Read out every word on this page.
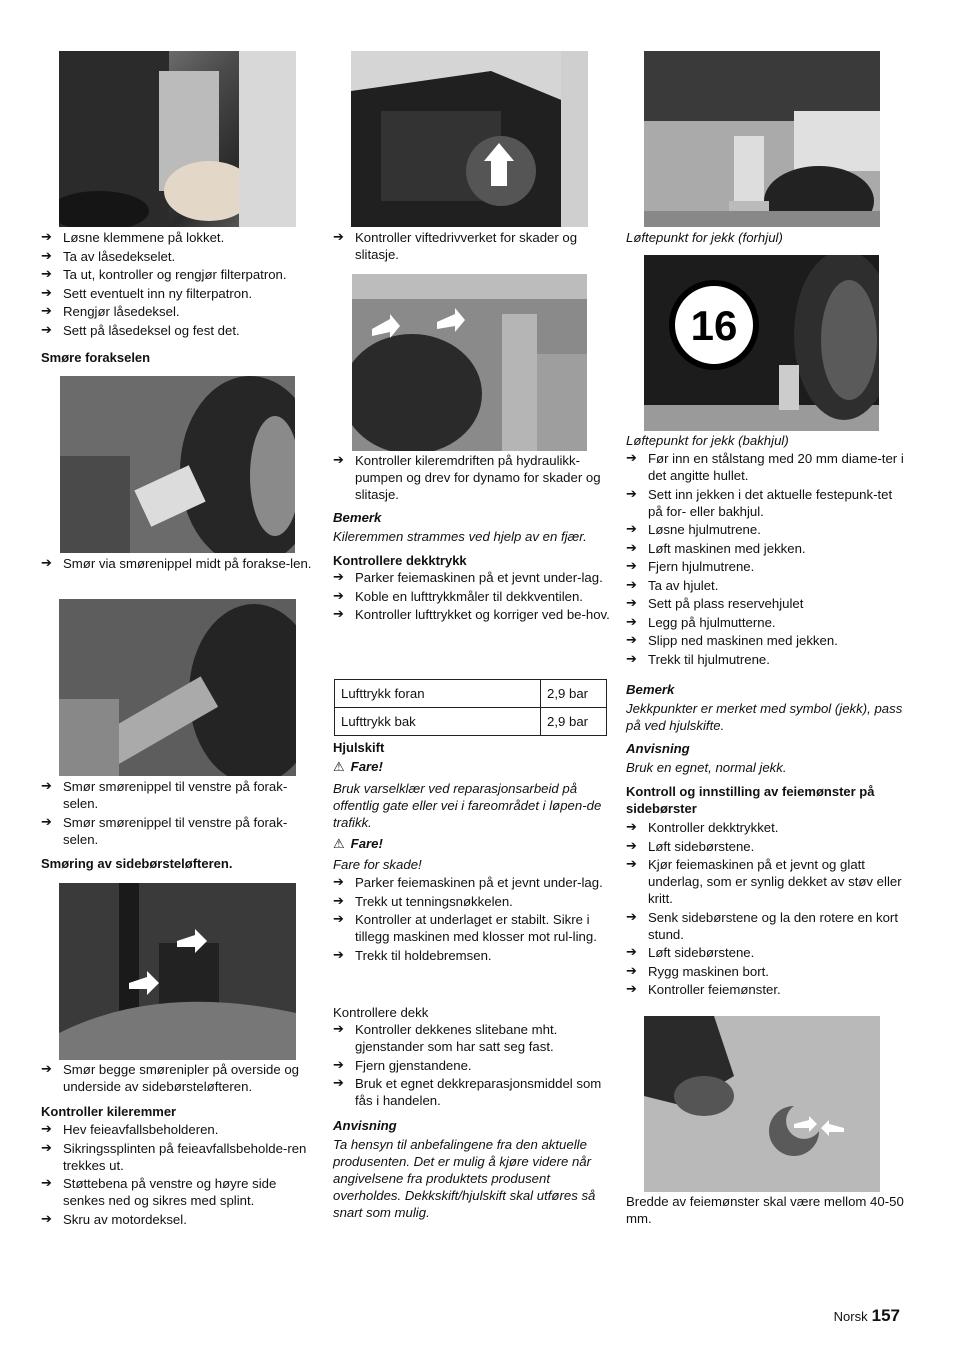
➔ Løsne klemmene på lokket.
➔ Ta av låsedekselet.
➔ Ta ut, kontroller og rengjør filterpatron.
➔ Sett eventuelt inn ny filterpatron.
➔ Rengjør låsedeksel.
➔ Sett på låsedeksel og fest det.

Smøre forakselen

➔ Smør via smørenippel midt på forakse-len.
➔ Smør smørenippel til venstre på forak-selen.
➔ Smør smørenippel til venstre på forak-selen.

Smøring av sidebørsteløfteren.

➔ Smør begge smørenipler på overside og underside av sidebørsteløfteren.

Kontroller kileremmer

➔ Hev feieavfallsbeholderen.
➔ Sikringssplinten på feieavfallsbeholde-ren trekkes ut.
➔ Støttebena på venstre og høyre side senkes ned og sikres med splint.
➔ Skru av motordeksel.
➔ Kontroller viftedrivverket for skader og slitasje.
➔ Kontroller kileremdriften på hydraulikk-pumpen og drev for dynamo for skader og slitasje.

Bemerk

Kileremmen strammes ved hjelp av en fjær.

Kontrollere dekktrykk

➔ Parker feiemaskinen på et jevnt under-lag.
➔ Koble en lufttrykkmåler til dekkventilen.
➔ Kontroller lufttrykket og korriger ved be-hov.
Lufttrykk foran	2,9 bar
Lufttrykk bak	2,9 bar

Hjulskift

⚠ Fare!

Bruk varselklær ved reparasjonsarbeid på offentlig gate eller vei i fareområdet i løpen-de trafikk.

⚠ Fare!

Fare for skade!

➔ Parker feiemaskinen på et jevnt under-lag.
➔ Trekk ut tenningsnøkkelen.
➔ Kontroller at underlaget er stabilt. Sikre i tillegg maskinen med klosser mot rul-ling.
➔ Trekk til holdebremsen.

Kontrollere dekk

➔ Kontroller dekkenes slitebane mht. gjenstander som har satt seg fast.
➔ Fjern gjenstandene.
➔ Bruk et egnet dekkreparasjonsmiddel som fås i handelen.

Anvisning

Ta hensyn til anbefalingene fra den aktuelle produsenten. Det er mulig å kjøre videre når angivelsene fra produktets produsent overholdes. Dekkskift/hjulskift skal utføres så snart som mulig.

Løftepunkt for jekk (forhjul)

16

Løftepunkt for jekk (bakhjul)

➔ Før inn en stålstang med 20 mm diame-ter i det angitte hullet.
➔ Sett inn jekken i det aktuelle festepunk-tet på for- eller bakhjul.
➔ Løsne hjulmutrene.
➔ Løft maskinen med jekken.
➔ Fjern hjulmutrene.
➔ Ta av hjulet.
➔ Sett på plass reservehjulet
➔ Legg på hjulmutterne.
➔ Slipp ned maskinen med jekken.
➔ Trekk til hjulmutrene.

Bemerk

Jekkpunkter er merket med symbol (jekk), pass på ved hjulskifte.

Anvisning

Bruk en egnet, normal jekk.

Kontroll og innstilling av feiemønster på sidebørster

➔ Kontroller dekktrykket.
➔ Løft sidebørstene.
➔ Kjør feiemaskinen på et jevnt og glatt underlag, som er synlig dekket av støv eller kritt.
➔ Senk sidebørstene og la den rotere en kort stund.
➔ Løft sidebørstene.
➔ Rygg maskinen bort.
➔ Kontroller feiemønster.

Bredde av feiemønster skal være mellom 40-50 mm.

Norsk 157
